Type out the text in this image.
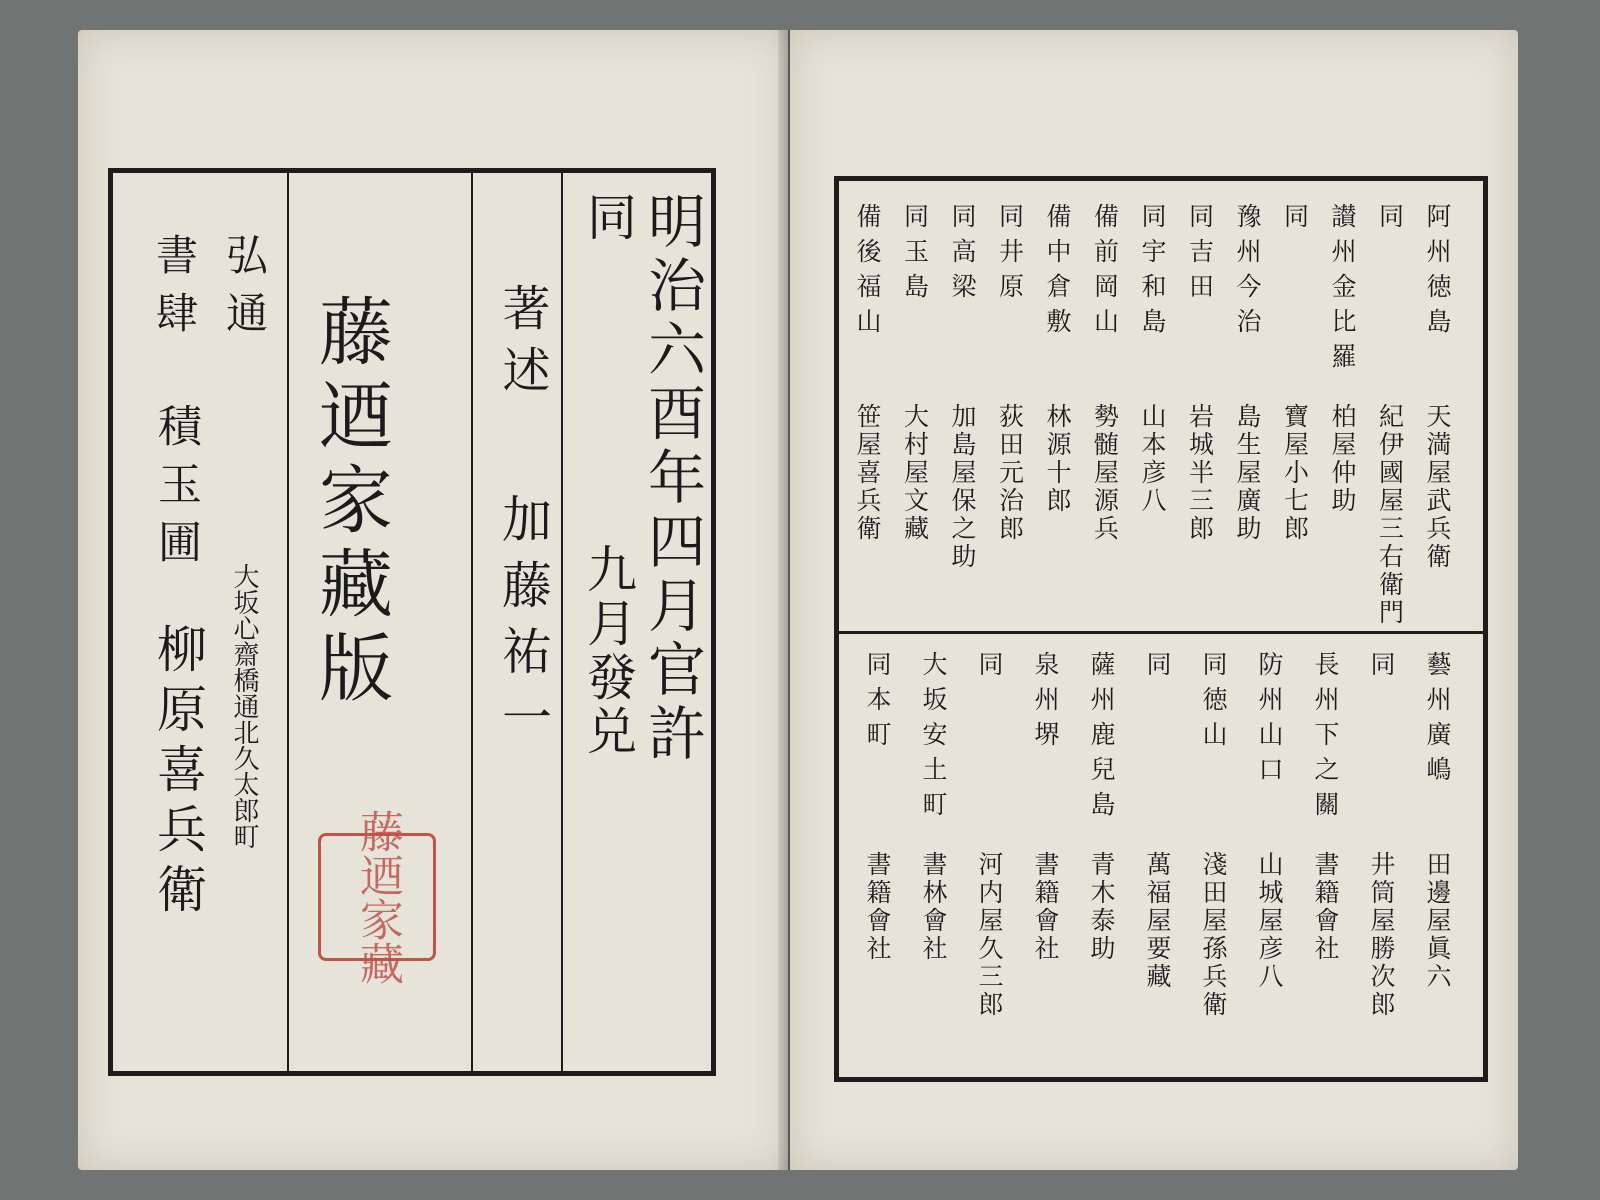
明治六酉年四月官許
同
九月發兑
著述
加藤祐一
藤迺家藏版
藤迺家藏
弘通
書肆
積玉圃
大坂心齋橋通北久太郎町
柳原喜兵衛
阿州徳島
天満屋武兵衛
同
紀伊國屋三右衛門
讃州金比羅
柏屋仲助
同
寶屋小七郎
豫州今治
島生屋廣助
同吉田
岩城半三郎
同宇和島
山本彦八
備前岡山
勢髄屋源兵
備中倉敷
林源十郎
同井原
荻田元治郎
同高梁
加島屋保之助
同玉島
大村屋文藏
備後福山
笹屋喜兵衛
藝州廣嶋
田邊屋眞六
同
井筒屋勝次郎
長州下之關
書籍會社
防州山口
山城屋彦八
同徳山
淺田屋孫兵衛
同
萬福屋要藏
薩州鹿兒島
青木泰助
泉州堺
書籍會社
同
河内屋久三郎
大坂安土町
書林會社
同本町
書籍會社
